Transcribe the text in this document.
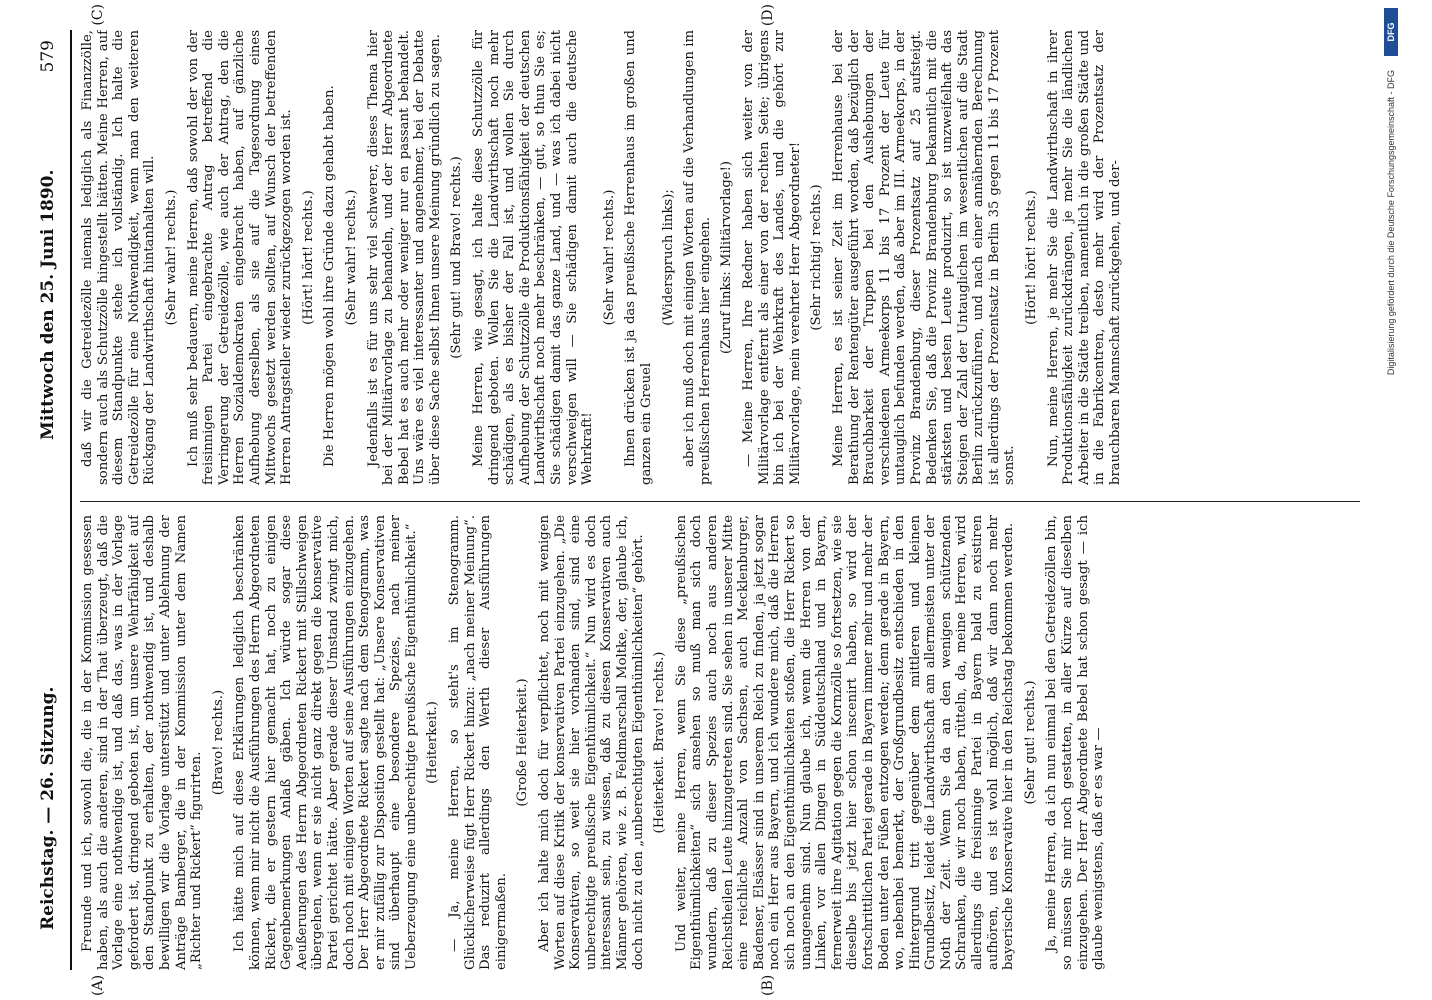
Reichstag. — 26. Sitzung.
Mittwoch den 25. Juni 1890.
579
(A)	(B)
(C)	(D)

Freunde und ich, sowohl die, die in der Kommission gesessen haben, als auch die anderen, sind in der That überzeugt, daß die Vorlage eine nothwendige ist, und daß das, was in der Vorlage gefordert ist, dringend geboten ist, um unsere Wehrfähigkeit auf den Standpunkt zu erhalten, der nothwendig ist, und deshalb bewilligen wir die Vorlage unterstützt und unter Ablehnung der Anträge Bamberger, die in der Kommission unter dem Namen „Richter und Rickert“ figurirten.

(Bravo! rechts.) Ich hätte mich auf diese Erklärungen lediglich beschränken können, wenn mir nicht die Ausführungen des Herrn Abgeordneten Rickert, die er gestern hier gemacht hat, noch zu einigen Gegenbemerkungen Anlaß gäben. Ich würde sogar diese Aeußerungen des Herrn Abgeordneten Rickert mit Stillschweigen übergehen, wenn er sie nicht ganz direkt gegen die konservative Partei gerichtet hätte. Aber gerade dieser Umstand zwingt mich, doch noch mit einigen Worten auf seine Ausführungen einzugehen. Der Herr Abgeordnete Rickert sagte nach dem Stenogramm, was er mir zufällig zur Disposition gestellt hat: „Unsere Konservativen sind überhaupt eine besondere Spezies, nach meiner Ueberzeugung eine unberechtigte preußische Eigenthümlichkeit.“ (Heiterkeit.) — Ja, meine Herren, so steht's im Stenogramm. Glücklicherweise fügt Herr Rickert hinzu: „nach meiner Meinung“. Das reduzirt allerdings den Werth dieser Ausführungen einigermaßen.

(Große Heiterkeit.) Aber ich halte mich doch für verpflichtet, noch mit wenigen Worten auf diese Kritik der konservativen Partei einzugehen. „Die Konservativen, so weit sie hier vorhanden sind, sind eine unberechtigte preußische Eigenthümlichkeit.“ Nun wird es doch interessant sein, zu wissen, daß zu diesen Konservativen auch Männer gehören, wie z. B. Feldmarschall Moltke, der, glaube ich, doch nicht zu den „unberechtigten Eigenthümlichkeiten“ gehört. (Heiterkeit. Bravo! rechts.) Und weiter, meine Herren, wenn Sie diese „preußischen Eigenthümlichkeiten“ sich ansehen so muß man sich doch wundern, daß zu dieser Spezies auch noch aus anderen Reichstheilen Leute hinzugetreten sind. Sie sehen in unserer Mitte eine reichliche Anzahl von Sachsen, auch Mecklenburger, Badenser, Elsässer sind in unserem Reich zu finden, ja jetzt sogar noch ein Herr aus Bayern, und ich wundere mich, daß die Herren sich noch an den Eigenthümlichkeiten stoßen, die Herr Rickert so unangenehm sind. Nun glaube ich, wenn die Herren von der Linken, vor allen Dingen in Süddeutschland und in Bayern, fernerweit ihre Agitation gegen die Kornzölle so fortsetzen, wie sie dieselbe bis jetzt hier schon inscenirt haben, so wird der fortschrittlichen Partei gerade in Bayern immer mehr und mehr der Boden unter den Füßen entzogen werden; denn gerade in Bayern, wo, nebenbei bemerkt, der Großgrundbesitz entschieden in den Hintergrund tritt gegenüber dem mittleren und kleinen Grundbesitz, leidet die Landwirthschaft am allermeisten unter der Noth der Zeit. Wenn Sie da an den wenigen schützenden Schranken, die wir noch haben, rütteln, da, meine Herren, wird allerdings die freisinnige Partei in Bayern bald zu existiren aufhören, und es ist wohl möglich, daß wir dann noch mehr bayerische Konservative hier in den Reichstag bekommen werden. (Sehr gut! rechts.) Ja, meine Herren, da ich nun einmal bei den Getreidezöllen bin, so müssen Sie mir noch gestatten, in aller Kürze auf dieselben einzugehen. Der Herr Abgeordnete Bebel hat schon gesagt — ich glaube wenigstens, daß er es war —

daß wir die Getreidezölle niemals lediglich als Finanzzölle, sondern auch als Schutzzölle hingestellt hätten. Meine Herren, auf diesem Standpunkte stehe ich vollständig. Ich halte die Getreidezölle für eine Nothwendigkeit, wenn man den weiteren Rückgang der Landwirthschaft hintanhalten will. (Sehr wahr! rechts.) Ich muß sehr bedauern, meine Herren, daß sowohl der von der freisinnigen Partei eingebrachte Antrag betreffend die Verringerung der Getreidezölle, wie auch der Antrag, den die Herren Sozialdemokraten eingebracht haben, auf gänzliche Aufhebung derselben, als sie auf die Tagesordnung eines Mittwochs gesetzt werden sollten, auf Wunsch der betreffenden Herren Antragsteller wieder zurückgezogen worden ist. (Hört! hört! rechts.) Die Herren mögen wohl ihre Gründe dazu gehabt haben. (Sehr wahr! rechts.) Jedenfalls ist es für uns sehr viel schwerer, dieses Thema hier bei der Militärvorlage zu behandeln, und der Herr Abgeordnete Bebel hat es auch mehr oder weniger nur en passant behandelt. Uns wäre es viel interessanter und angenehmer, bei der Debatte über diese Sache selbst Ihnen unsere Meinung gründlich zu sagen. (Sehr gut! und Bravo! rechts.) Meine Herren, wie gesagt, ich halte diese Schutzzölle für dringend geboten. Wollen Sie die Landwirthschaft noch mehr schädigen, als es bisher der Fall ist, und wollen Sie durch Aufhebung der Schutzzölle die Produktionsfähigkeit der deutschen Landwirthschaft noch mehr beschränken, — gut, so thun Sie es; Sie schädigen damit das ganze Land, und — was ich dabei nicht verschweigen will — Sie schädigen damit auch die deutsche Wehrkraft!

(Sehr wahr! rechts.) Ihnen drücken ist ja das preußische Herrenhaus im großen und ganzen ein Greuel

(Widerspruch links); aber ich muß doch mit einigen Worten auf die Verhandlungen im preußischen Herrenhaus hier eingehen. (Zuruf links: Militärvorlage!) — Meine Herren, Ihre Redner haben sich weiter von der Militärvorlage entfernt als einer von der rechten Seite; übrigens bin ich bei der Wehrkraft des Landes, und die gehört zur Militärvorlage, mein verehrter Herr Abgeordneter! (Sehr richtig! rechts.) Meine Herren, es ist seiner Zeit im Herrenhause bei der Berathung der Rentengüter ausgeführt worden, daß bezüglich der Brauchbarkeit der Truppen bei den Aushebungen der verschiedenen Armeekorps 11 bis 17 Prozent der Leute für untauglich befunden werden, daß aber im III. Armeekorps, in der Provinz Brandenburg, dieser Prozentsatz auf 25 aufsteigt. Bedenken Sie, daß die Provinz Brandenburg bekanntlich mit die stärksten und besten Leute produzirt, so ist unzweifelhaft das Steigen der Zahl der Untauglichen im wesentlichen auf die Stadt Berlin zurückzuführen, und nach einer annähernden Berechnung ist allerdings der Prozentsatz in Berlin 35 gegen 11 bis 17 Prozent sonst.

(Hört! hört! rechts.) Nun, meine Herren, je mehr Sie die Landwirthschaft in ihrer Produktionsfähigkeit zurückdrängen, je mehr Sie die ländlichen Arbeiter in die Städte treiben, namentlich in die großen Städte und in die Fabrikcentren, desto mehr wird der Prozentsatz der brauchbaren Mannschaft zurückgehen, und der-	Digitalisierung gefördert durch die Deutsche Forschungsgemeinschaft - DFG
DFG
